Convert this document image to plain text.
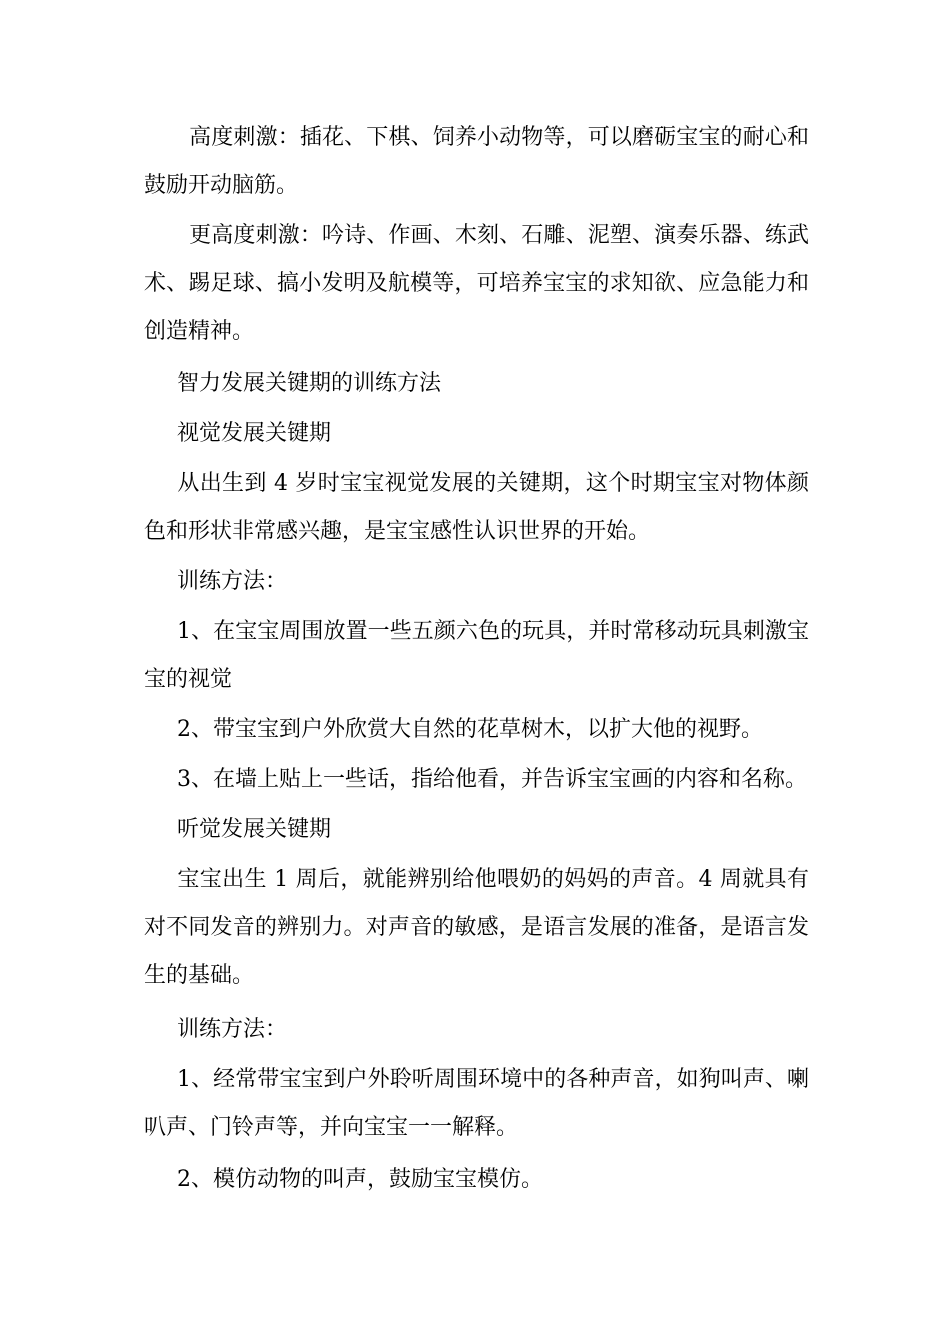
高度刺激：插花、下棋、饲养小动物等，可以磨砺宝宝的耐心和鼓励开动脑筋。

更高度刺激：吟诗、作画、木刻、石雕、泥塑、演奏乐器、练武术、踢足球、搞小发明及航模等，可培养宝宝的求知欲、应急能力和创造精神。

智力发展关键期的训练方法

视觉发展关键期

从出生到 4 岁时宝宝视觉发展的关键期，这个时期宝宝对物体颜色和形状非常感兴趣，是宝宝感性认识世界的开始。

训练方法：

1、在宝宝周围放置一些五颜六色的玩具，并时常移动玩具刺激宝宝的视觉

2、带宝宝到户外欣赏大自然的花草树木，以扩大他的视野。

3、在墙上贴上一些话，指给他看，并告诉宝宝画的内容和名称。

听觉发展关键期

宝宝出生 1 周后，就能辨别给他喂奶的妈妈的声音。4 周就具有对不同发音的辨别力。对声音的敏感，是语言发展的准备，是语言发生的基础。

训练方法：

1、经常带宝宝到户外聆听周围环境中的各种声音，如狗叫声、喇叭声、门铃声等，并向宝宝一一解释。

2、模仿动物的叫声，鼓励宝宝模仿。
